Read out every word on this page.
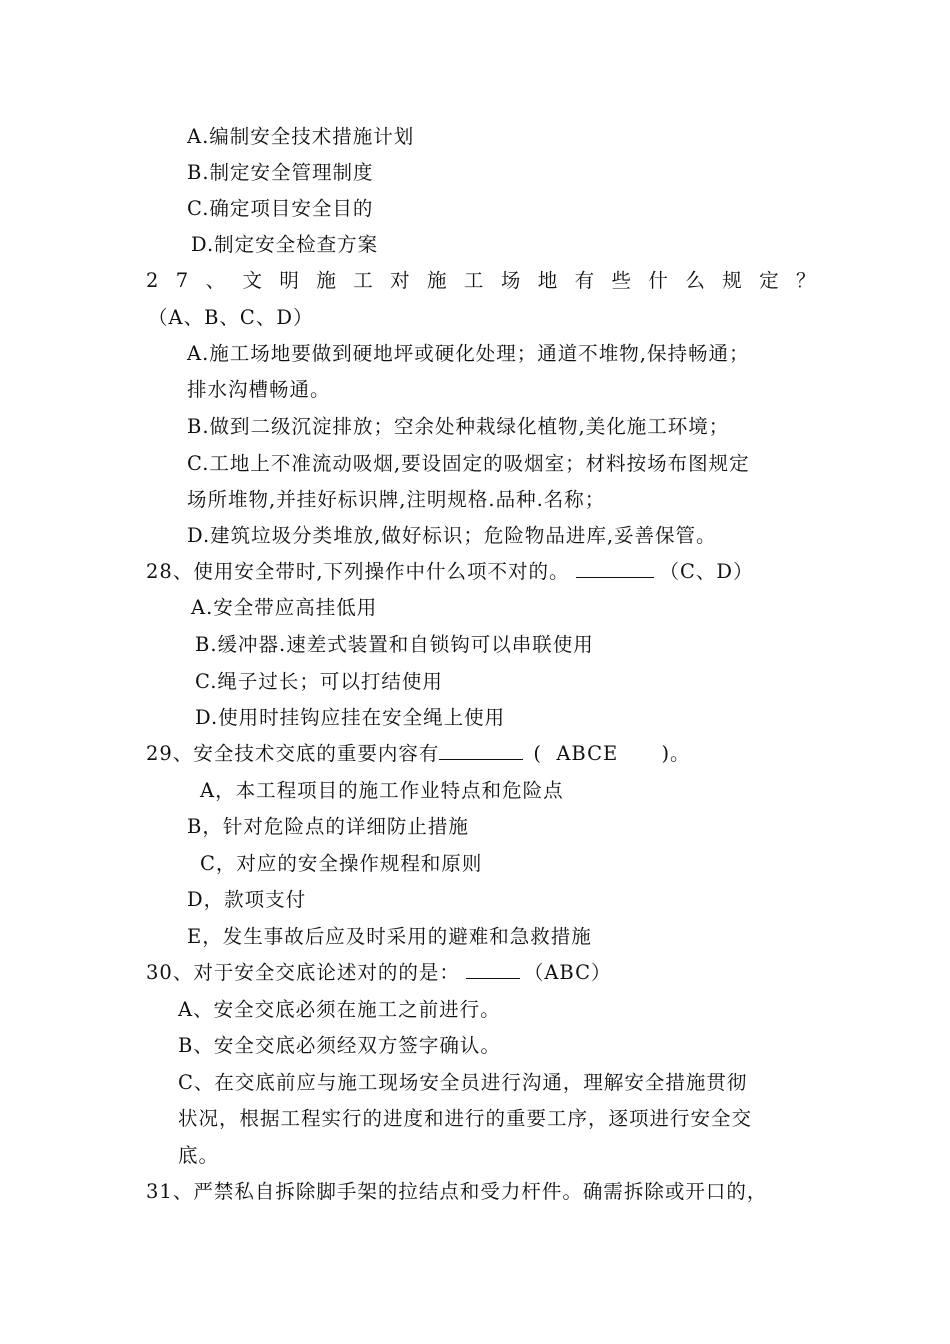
A.编制安全技术措施计划
B.制定安全管理制度
C.确定项目安全目的
D.制定安全检查方案
27、文明施工对施工场地有些什么规定？
（A、B、C、D）
A.施工场地要做到硬地坪或硬化处理；通道不堆物,保持畅通；
排水沟槽畅通。
B.做到二级沉淀排放；空余处种栽绿化植物,美化施工环境；
C.工地上不准流动吸烟,要设固定的吸烟室；材料按场布图规定
场所堆物,并挂好标识牌,注明规格.品种.名称；
D.建筑垃圾分类堆放,做好标识；危险物品进库,妥善保管。
28、使用安全带时,下列操作中什么项不对的。	（C、D）
A.安全带应高挂低用
B.缓冲器.速差式装置和自锁钩可以串联使用
C.绳子过长；可以打结使用
D.使用时挂钩应挂在安全绳上使用
29、安全技术交底的重要内容有	(  ABCE      )。
A，本工程项目的施工作业特点和危险点
B，针对危险点的详细防止措施
C，对应的安全操作规程和原则
D，款项支付
E，发生事故后应及时采用的避难和急救措施
30、对于安全交底论述对的的是：	（ABC）
A、安全交底必须在施工之前进行。
B、安全交底必须经双方签字确认。
C、在交底前应与施工现场安全员进行沟通，理解安全措施贯彻
状况，根据工程实行的进度和进行的重要工序，逐项进行安全交
底。
31、严禁私自拆除脚手架的拉结点和受力杆件。确需拆除或开口的，
